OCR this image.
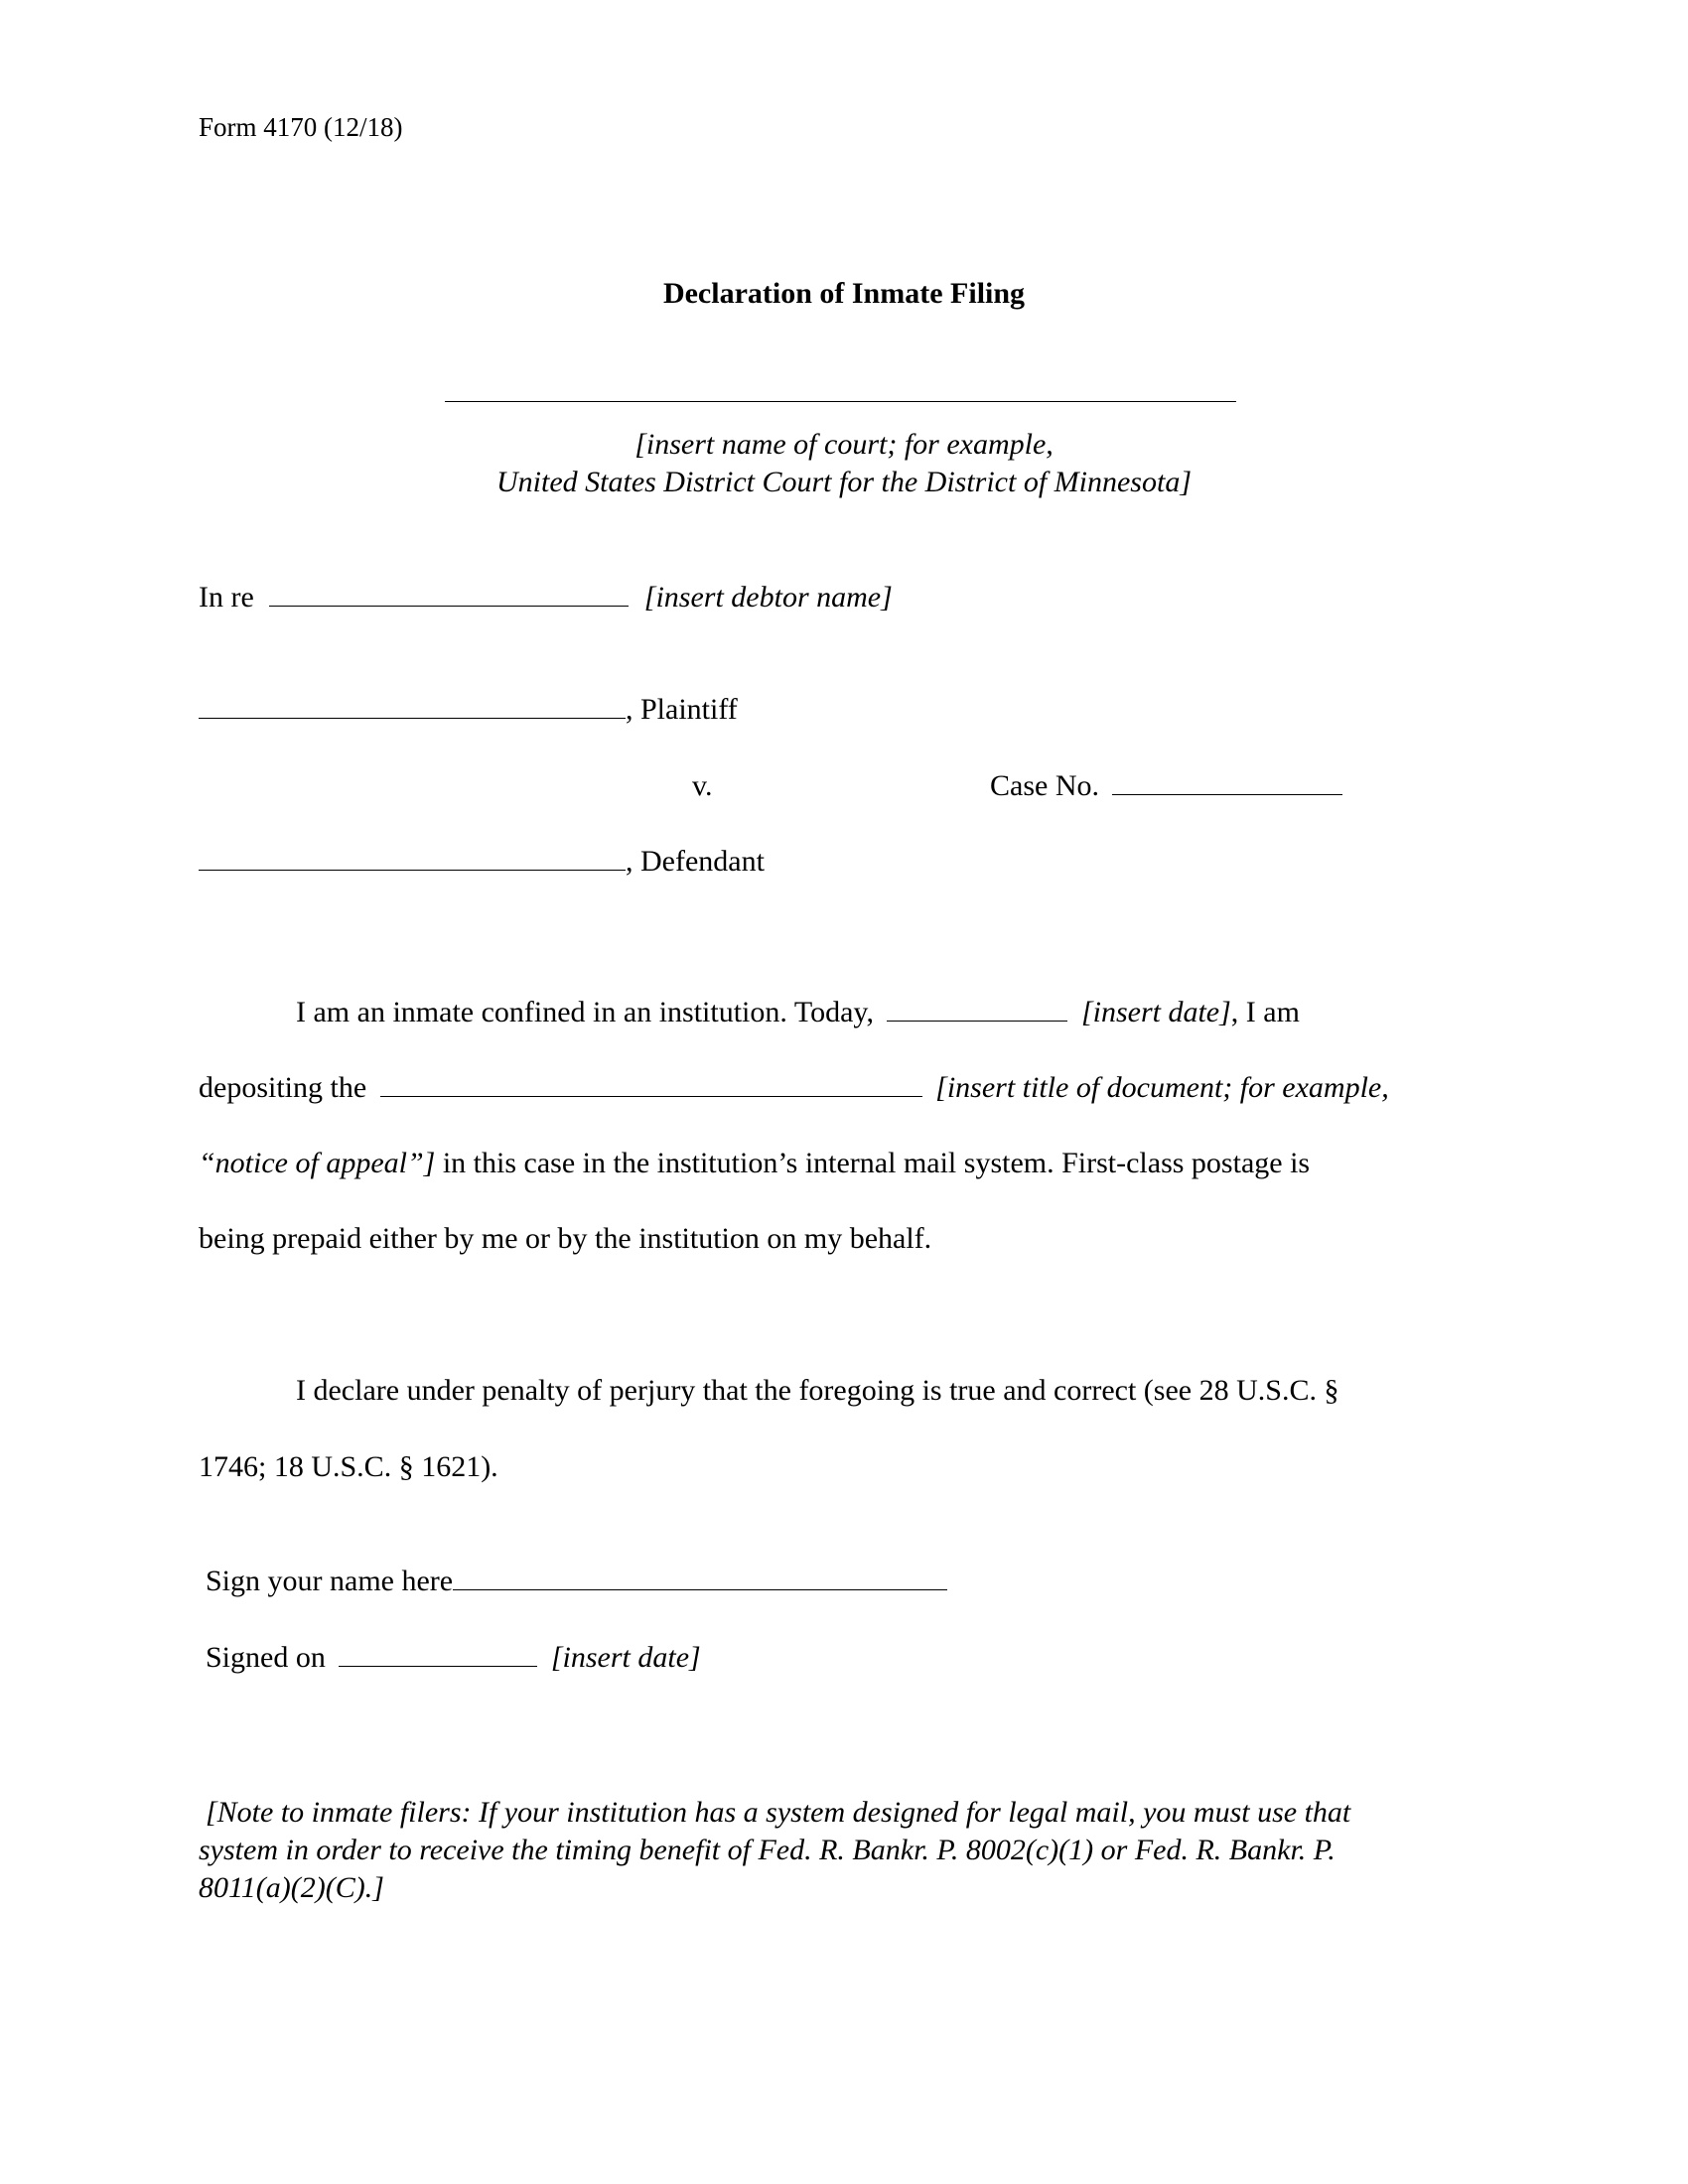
Form 4170 (12/18)
Declaration of Inmate Filing
[insert name of court; for example,
United States District Court for the District of Minnesota]
In re	[insert debtor name]
, Plaintiff
v.	Case No.
, Defendant
I am an inmate confined in an institution. Today,	[insert date], I am
depositing the	[insert title of document; for example,
“notice of appeal”] in this case in the institution’s internal mail system. First-class postage is
being prepaid either by me or by the institution on my behalf.
I declare under penalty of perjury that the foregoing is true and correct (see 28 U.S.C. §
1746; 18 U.S.C. § 1621).
Sign your name here
Signed on	[insert date]
[Note to inmate filers: If your institution has a system designed for legal mail, you must use that
system in order to receive the timing benefit of Fed. R. Bankr. P. 8002(c)(1) or Fed. R. Bankr. P.
8011(a)(2)(C).]
